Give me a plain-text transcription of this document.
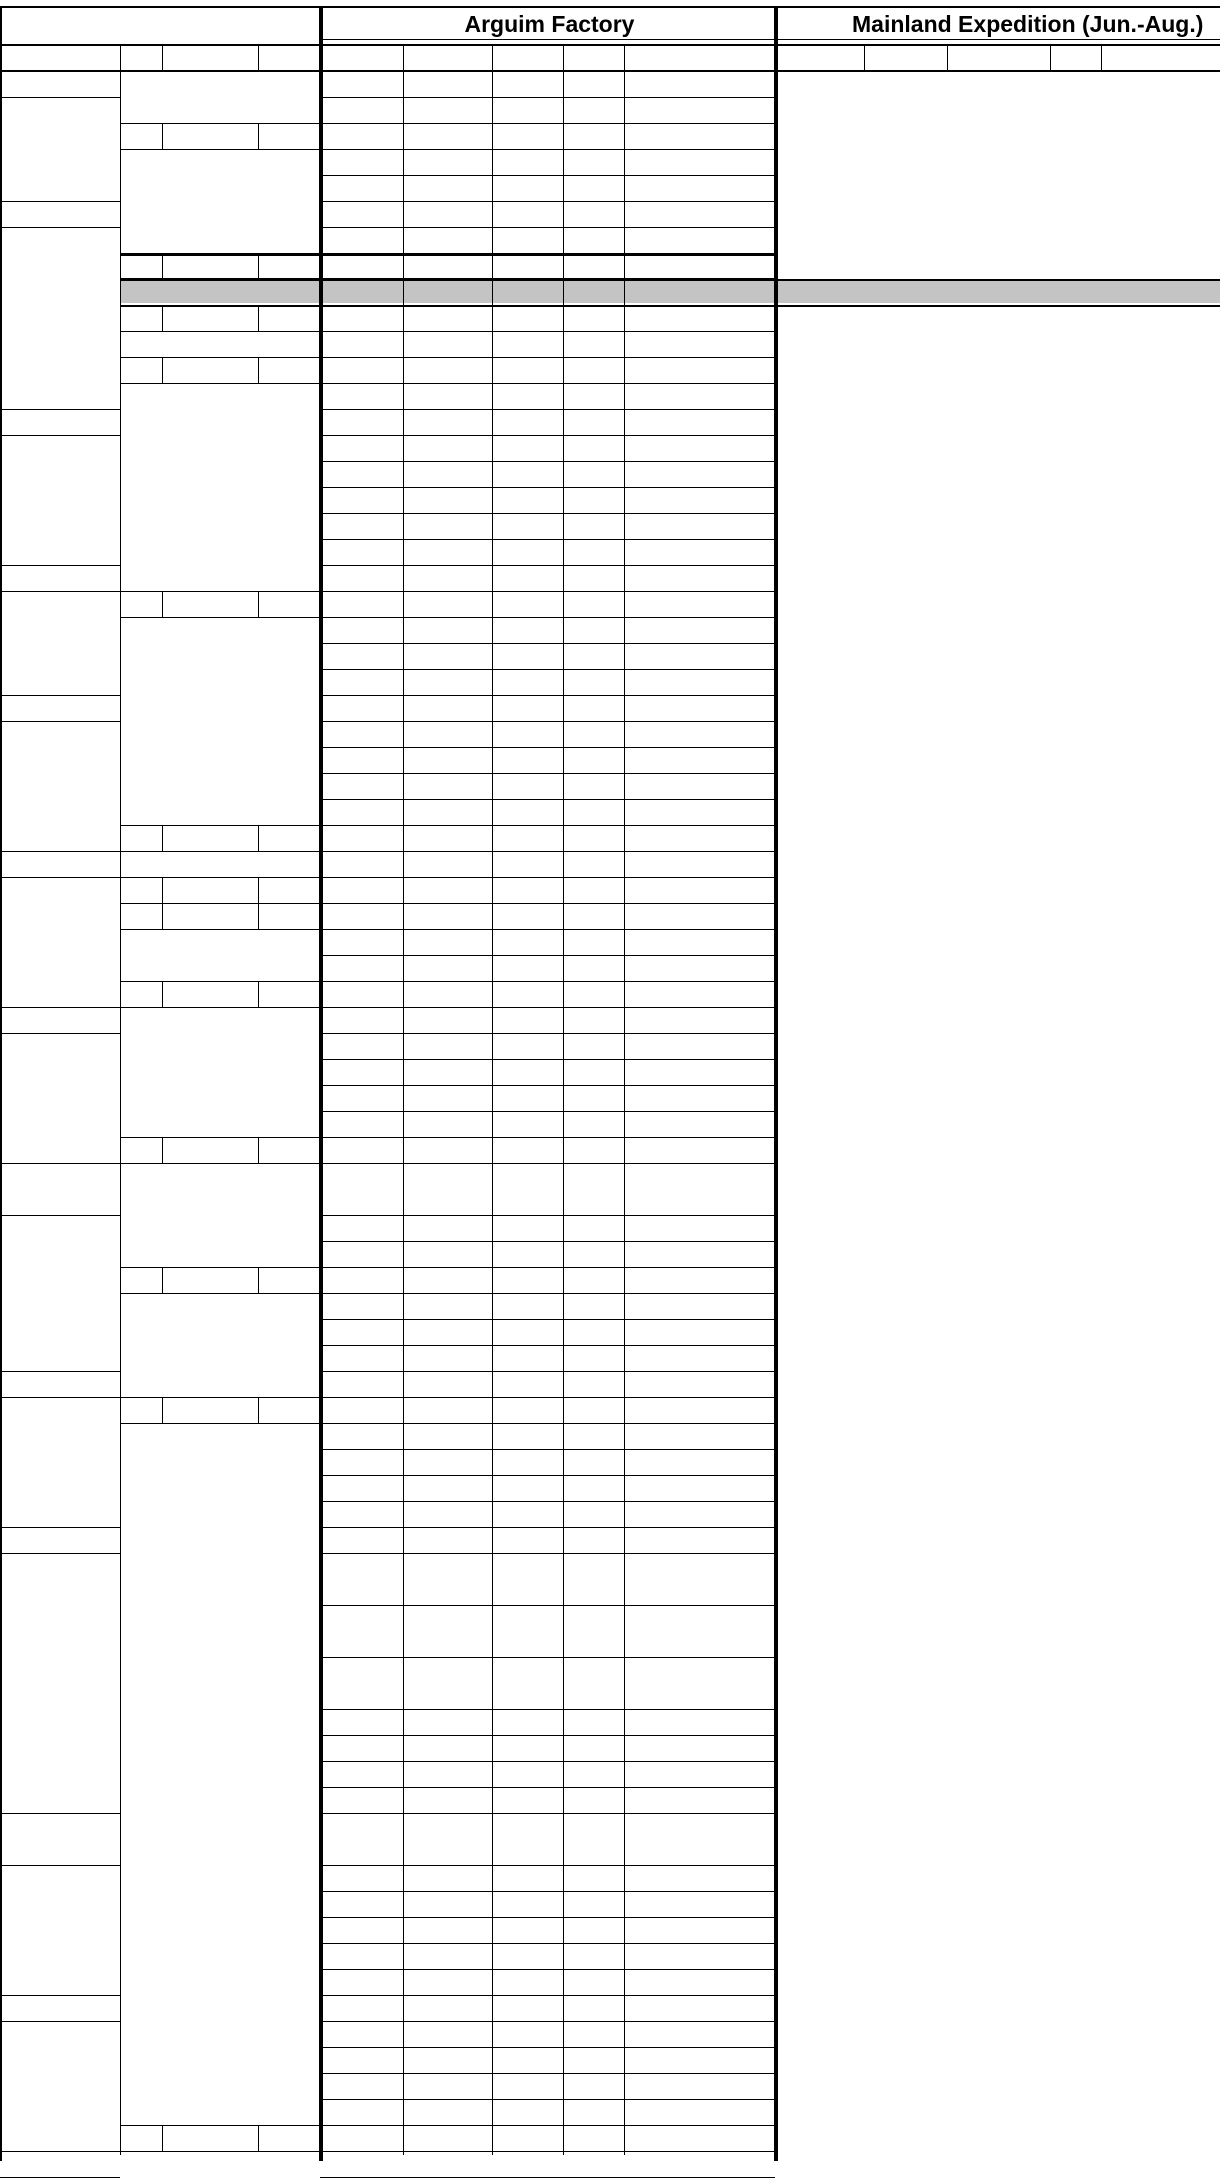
Arguim Factory	Mainland Expedition (Jun.-Aug.)
